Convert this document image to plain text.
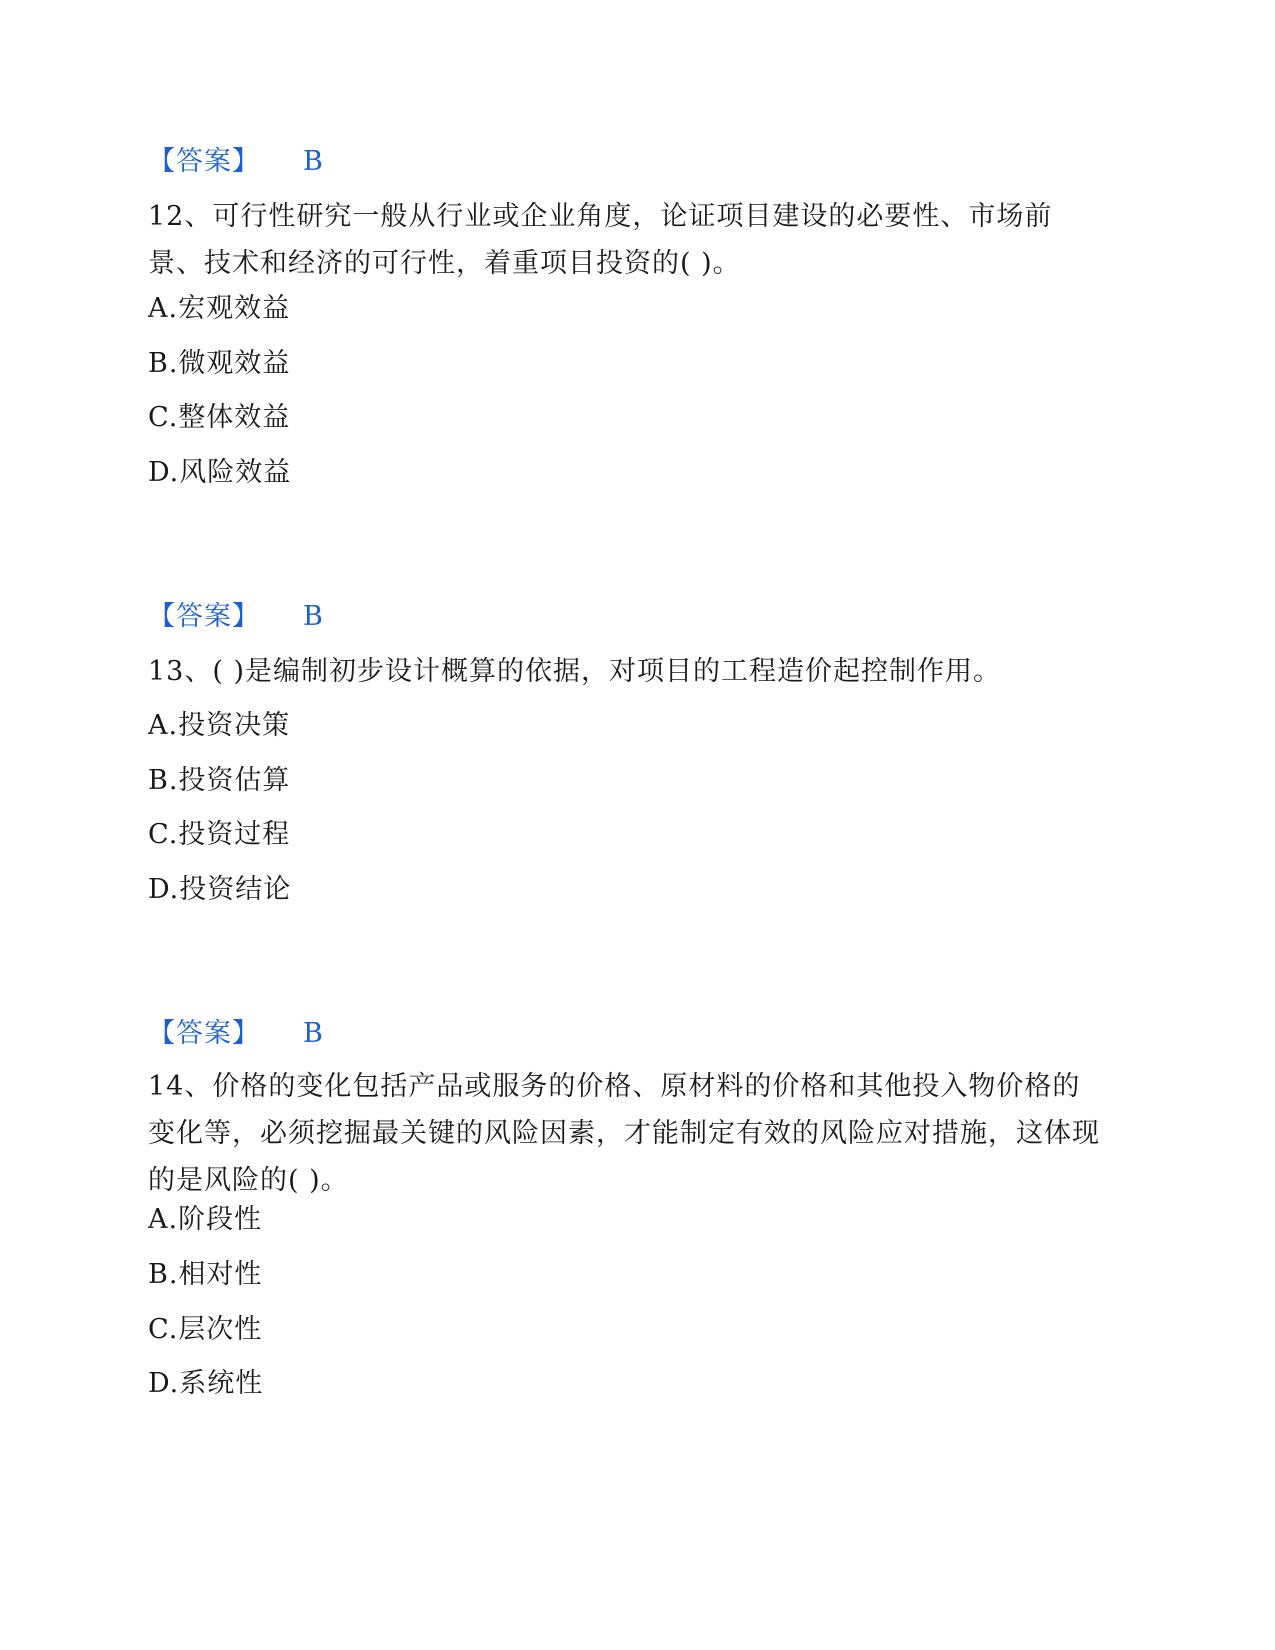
【答案】 B
12、可行性研究一般从行业或企业角度，论证项目建设的必要性、市场前景、技术和经济的可行性，着重项目投资的( )。
A.宏观效益
B.微观效益
C.整体效益
D.风险效益
【答案】 B
13、( )是编制初步设计概算的依据，对项目的工程造价起控制作用。
A.投资决策
B.投资估算
C.投资过程
D.投资结论
【答案】 B
14、价格的变化包括产品或服务的价格、原材料的价格和其他投入物价格的变化等，必须挖掘最关键的风险因素，才能制定有效的风险应对措施，这体现的是风险的( )。
A.阶段性
B.相对性
C.层次性
D.系统性
